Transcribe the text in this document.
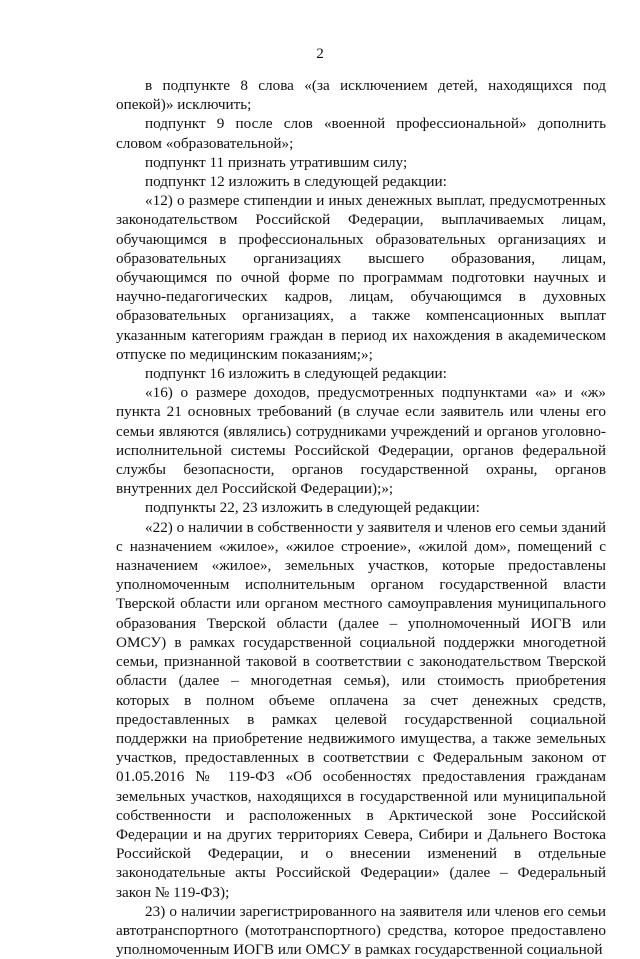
2

в подпункте 8 слова «(за исключением детей, находящихся под опекой)» исключить;

подпункт 9 после слов «военной профессиональной» дополнить словом «образовательной»;

подпункт 11 признать утратившим силу;

подпункт 12 изложить в следующей редакции:

«12) о размере стипендии и иных денежных выплат, предусмотренных законодательством Российской Федерации, выплачиваемых лицам, обучающимся в профессиональных образовательных организациях и образовательных организациях высшего образования, лицам, обучающимся по очной форме по программам подготовки научных и научно-педагогических кадров, лицам, обучающимся в духовных образовательных организациях, а также компенсационных выплат указанным категориям граждан в период их нахождения в академическом отпуске по медицинским показаниям;»;

подпункт 16 изложить в следующей редакции:

«16) о размере доходов, предусмотренных подпунктами «а» и «ж» пункта 21 основных требований (в случае если заявитель или члены его семьи являются (являлись) сотрудниками учреждений и органов уголовно-исполнительной системы Российской Федерации, органов федеральной службы безопасности, органов государственной охраны, органов внутренних дел Российской Федерации);»;

подпункты 22, 23 изложить в следующей редакции:

«22) о наличии в собственности у заявителя и членов его семьи зданий с назначением «жилое», «жилое строение», «жилой дом», помещений с назначением «жилое», земельных участков, которые предоставлены уполномоченным исполнительным органом государственной власти Тверской области или органом местного самоуправления муниципального образования Тверской области (далее – уполномоченный ИОГВ или ОМСУ) в рамках государственной социальной поддержки многодетной семьи, признанной таковой в соответствии с законодательством Тверской области (далее – многодетная семья), или стоимость приобретения которых в полном объеме оплачена за счет денежных средств, предоставленных в рамках целевой государственной социальной поддержки на приобретение недвижимого имущества, а также земельных участков, предоставленных в соответствии с Федеральным законом от 01.05.2016 № 119-ФЗ «Об особенностях предоставления гражданам земельных участков, находящихся в государственной или муниципальной собственности и расположенных в Арктической зоне Российской Федерации и на других территориях Севера, Сибири и Дальнего Востока Российской Федерации, и о внесении изменений в отдельные законодательные акты Российской Федерации» (далее – Федеральный закон № 119-ФЗ);

23) о наличии зарегистрированного на заявителя или членов его семьи автотранспортного (мототранспортного) средства, которое предоставлено уполномоченным ИОГВ или ОМСУ в рамках государственной социальной
